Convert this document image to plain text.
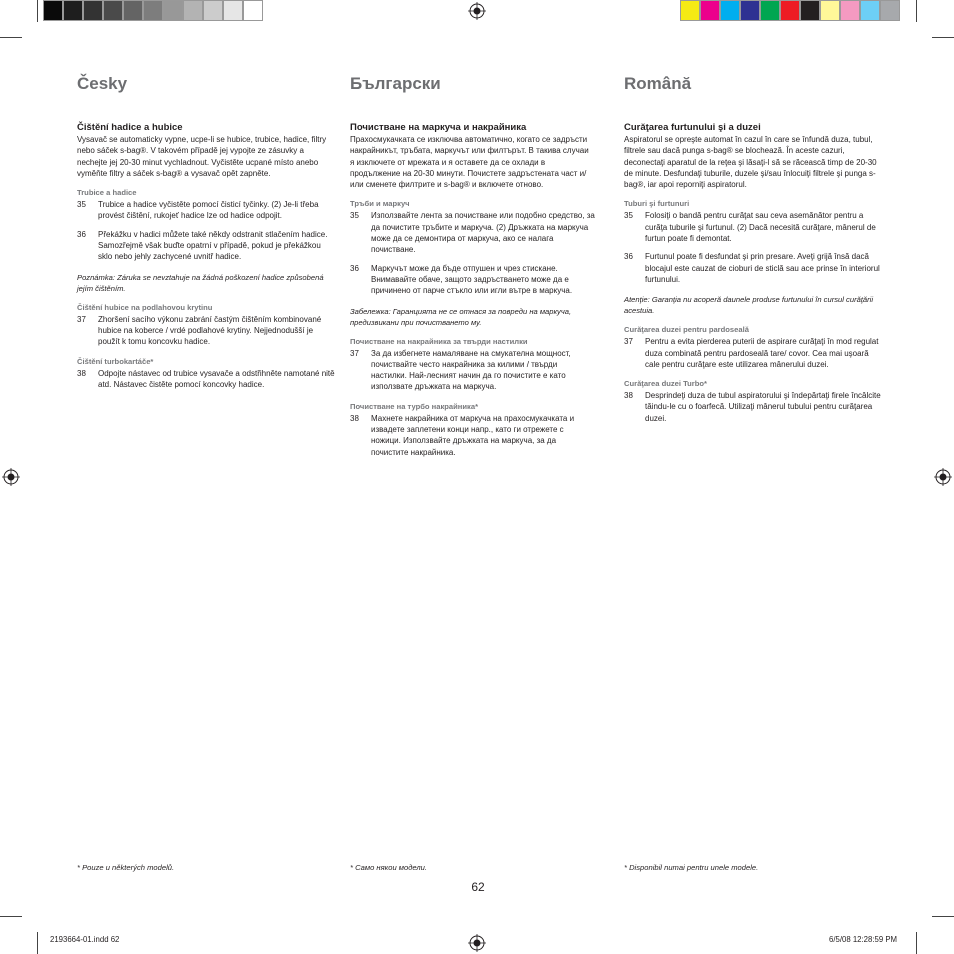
Česky
Čištění hadice a hubice

Vysavač se automaticky vypne, ucpe-li se hubice, trubice, hadice, filtry nebo sáček s-bag®. V takovém případě jej vypojte ze zásuvky a nechejte jej 20-30 minut vychladnout. Vyčistěte ucpané místo anebo vyměňte filtry a sáček s-bag® a vysavač opět zapněte.

Trubice a hadice
35	Trubice a hadice vyčistěte pomocí čisticí tyčinky. (2) Je-li třeba provést čištění, rukojeť hadice lze od hadice odpojit.
36	Překážku v hadici můžete také někdy odstranit stlačením hadice. Samozřejmě však buďte opatrní v případě, pokud je překážkou sklo nebo jehly zachycené uvnitř hadice.

Poznámka: Záruka se nevztahuje na žádná poškození hadice způsobená jejím čištěním.

Čištění hubice na podlahovou krytinu
37	Zhoršení sacího výkonu zabrání častým čištěním kombinované hubice na koberce / vrdé podlahové krytiny. Nejjednodušší je použít k tomu koncovku hadice.
Čištění turbokartáče*
38	Odpojte nástavec od trubice vysavače a odstřihněte namotané nitě atd. Nástavec čistěte pomocí koncovky hadice.
Български
Почистване на маркуча и накрайника

Прахосмукачката се изключва автоматично, когато се задръсти накрайникът, тръбата, маркучът или филтърът. В такива случаи я изключете от мрежата и я оставете да се охлади в продължение на 20-30 минути. Почистете задръстената част и/или сменете филтрите и s-bag® и включете отново.

Тръби и маркуч
35	Използвайте лента за почистване или подобно средство, за да почистите тръбите и маркуча. (2) Дръжката на маркуча може да се демонтира от маркуча, ако се налага почистване.
36	Маркучът може да бъде отпушен и чрез стискане. Внимавайте обаче, защото задръстването може да е причинено от парче стъкло или игли вътре в маркуча.

Забележка: Гаранцията не се отнася за повреди на маркуча, предизвикани при почистването му.

Почистване на накрайника за твърди настилки
37	За да избегнете намаляване на смукателна мощност, почиствайте често накрайника за килими / твърди настилки. Най-лесният начин да го почистите е като използвате дръжката на маркуча.
Почистване на турбо накрайника*
38	Махнете накрайника от маркуча на прахосмукачката и извадете заплетени конци напр., като ги отрежете с ножици. Използвайте дръжката на маркуча, за да почистите накрайника.
Română
Curăţarea furtunului şi a duzei

Aspiratorul se opreşte automat în cazul în care se înfundă duza, tubul, filtrele sau dacă punga s-bag® se blochează. În aceste cazuri, deconectaţi aparatul de la reţea şi lăsaţi-l să se răcească timp de 20-30 de minute. Desfundaţi tuburile, duzele şi/sau înlocuiţi filtrele şi punga s-bag®, iar apoi reporniţi aspiratorul.

Tuburi şi furtunuri
35	Folosiţi o bandă pentru curăţat sau ceva asemănător pentru a curăţa tuburile şi furtunul. (2) Dacă necesită curăţare, mânerul de furtun poate fi demontat.
36	Furtunul poate fi desfundat şi prin presare. Aveţi grijă însă dacă blocajul este cauzat de cioburi de sticlă sau ace prinse în interiorul furtunului.

Atenţie: Garanţia nu acoperă daunele produse furtunului în cursul curăţării acestuia.

Curăţarea duzei pentru pardoseală
37	Pentru a evita pierderea puterii de aspirare curăţaţi în mod regulat duza combinată pentru pardoseală tare/ covor. Cea mai uşoară cale pentru curăţare este utilizarea mânerului duzei.
Curăţarea duzei Turbo*
38	Desprindeţi duza de tubul aspiratorului şi îndepărtaţi firele încâlcite tăindu-le cu o foarfecă. Utilizaţi mânerul tubului pentru curăţarea duzei.
* Pouze u některých modelů.	* Само някои модели.	* Disponibil numai pentru unele modele.
62
2193664-01.indd 62	6/5/08 12:28:59 PM
